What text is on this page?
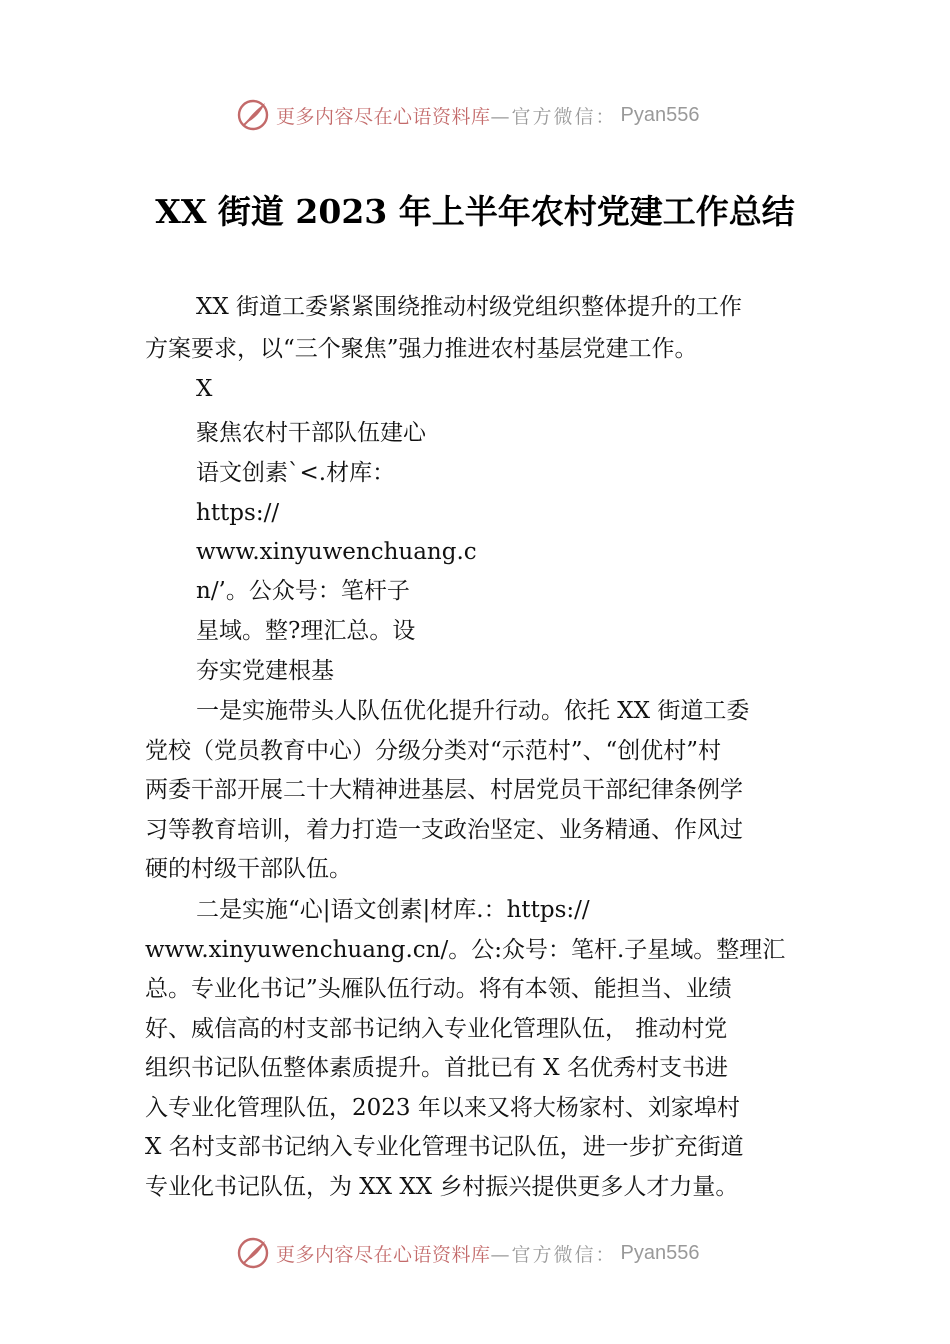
更多内容尽在心语资料库 —官方微信： Pyan556
XX 街道 2023 年上半年农村党建工作总结
XX 街道工委紧紧围绕推动村级党组织整体提升的工作
方案要求，以“三个聚焦”强力推进农村基层党建工作。
X
聚焦农村干部队伍建心
语文创素`<.材库：
https://
www.xinyuwenchuang.c
n/’。公众号：笔杆子
星域。整?理汇总。设
夯实党建根基
一是实施带头人队伍优化提升行动。依托 XX 街道工委
党校（党员教育中心）分级分类对“示范村”、“创优村”村
两委干部开展二十大精神进基层、村居党员干部纪律条例学
习等教育培训，着力打造一支政治坚定、业务精通、作风过
硬的村级干部队伍。
二是实施“心|语文创素|材库.：https://
www.xinyuwenchuang.cn/。公:众号：笔杆.子星域。整理汇
总。专业化书记”头雁队伍行动。将有本领、能担当、业绩
好、威信高的村支部书记纳入专业化管理队伍， 推动村党
组织书记队伍整体素质提升。首批已有 X 名优秀村支书进
入专业化管理队伍，2023 年以来又将大杨家村、刘家埠村
X 名村支部书记纳入专业化管理书记队伍，进一步扩充街道
专业化书记队伍，为 XX XX 乡村振兴提供更多人才力量。
更多内容尽在心语资料库 —官方微信： Pyan556
